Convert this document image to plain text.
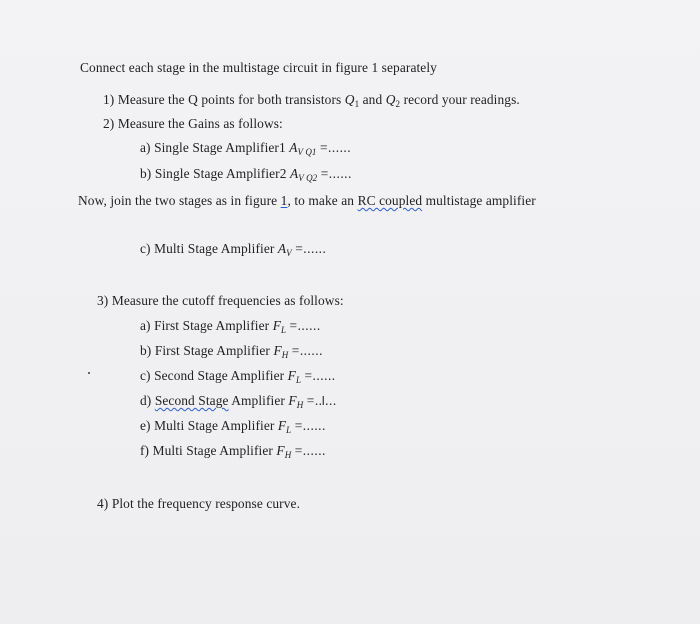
Connect each stage in the multistage circuit in figure 1 separately
1) Measure the Q points for both transistors $Q_1$ and $Q_2$ record your readings.
2) Measure the Gains as follows:
a) Single Stage Amplifier1 $A_{V Q1}$ =......
b) Single Stage Amplifier2 $A_{V Q2}$ =......
Now, join the two stages as in figure 1, to make an RC coupled multistage amplifier
c) Multi Stage Amplifier $A_V$ =......
3) Measure the cutoff frequencies as follows:
a) First Stage Amplifier $F_L$ =......
b) First Stage Amplifier $F_H$ =......
c) Second Stage Amplifier $F_L$ =......
d) Second Stage Amplifier $F_H =..I$...
e) Multi Stage Amplifier $F_L$ =......
f) Multi Stage Amplifier $F_H$ =......
4) Plot the frequency response curve.
